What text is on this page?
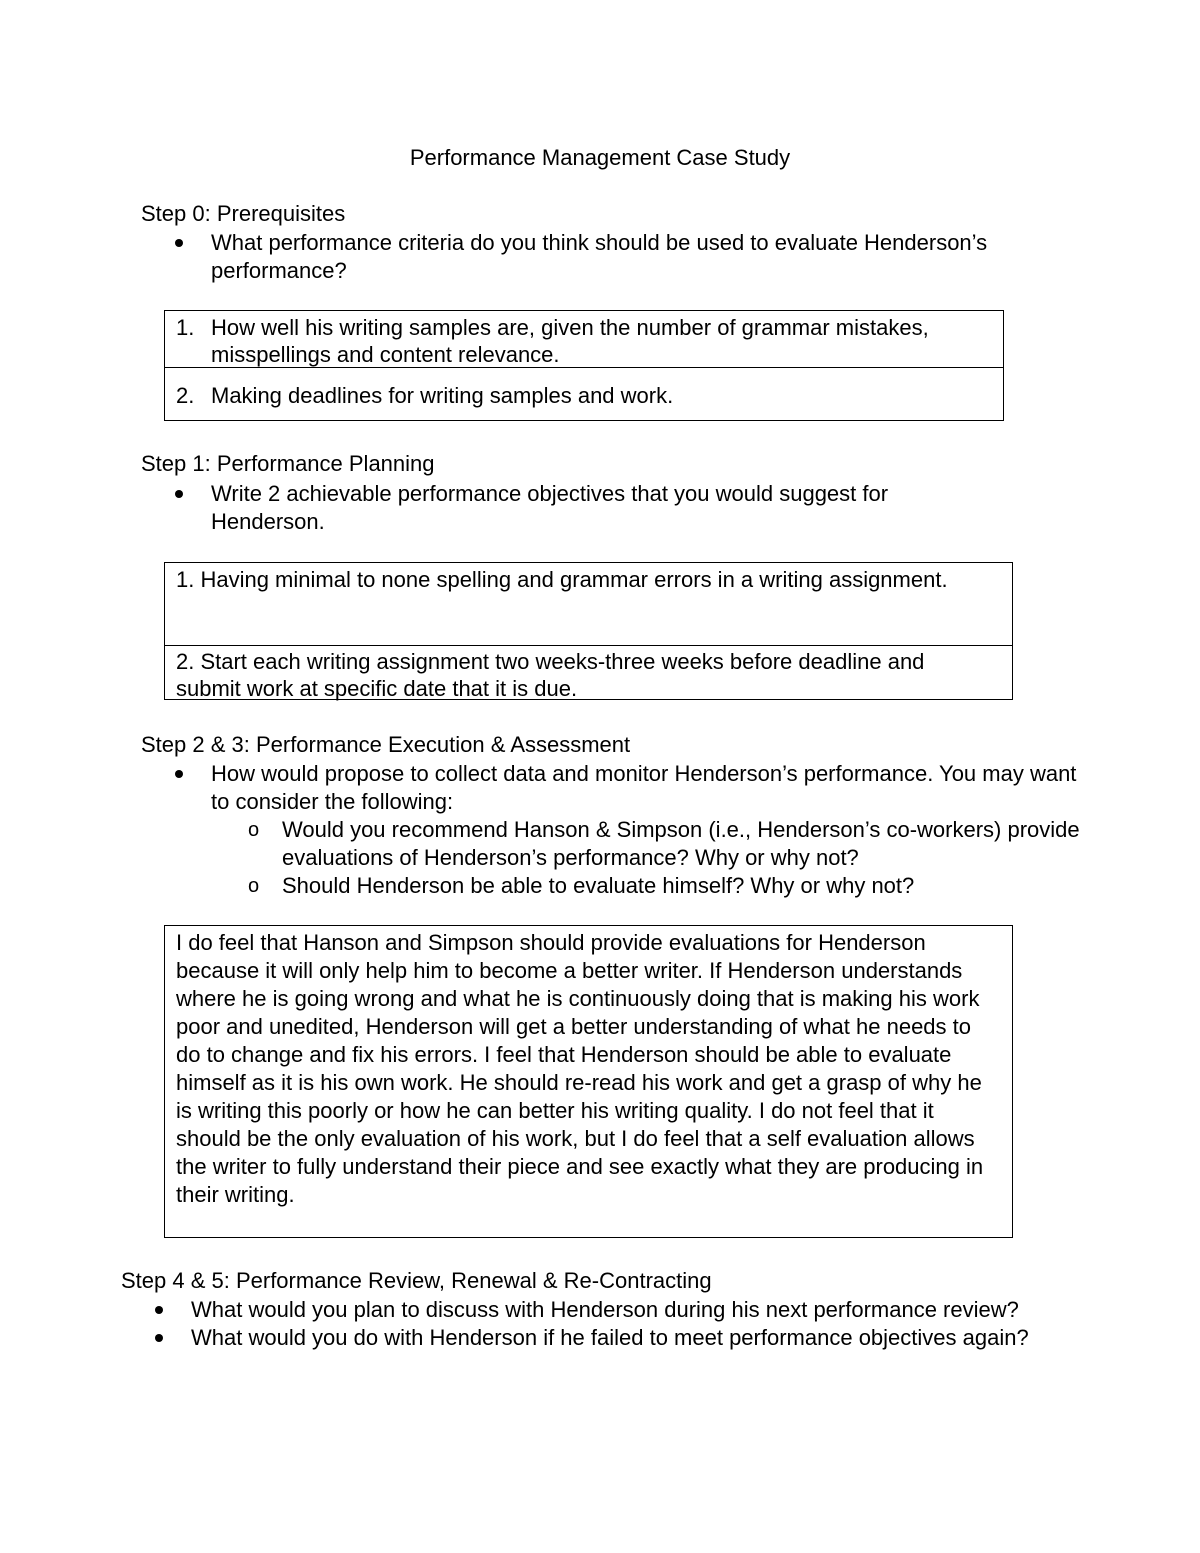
Performance Management Case Study
Step 0: Prerequisites
What performance criteria do you think should be used to evaluate Henderson’s performance?
1. How well his writing samples are, given the number of grammar mistakes, misspellings and content relevance.
2. Making deadlines for writing samples and work.
Step 1: Performance Planning
Write 2 achievable performance objectives that you would suggest for Henderson.
1. Having minimal to none spelling and grammar errors in a writing assignment.
2. Start each writing assignment two weeks-three weeks before deadline and submit work at specific date that it is due.
Step 2 & 3: Performance Execution & Assessment
How would propose to collect data and monitor Henderson’s performance. You may want to consider the following:
o Would you recommend Hanson & Simpson (i.e., Henderson’s co-workers) provide evaluations of Henderson’s performance? Why or why not?
o Should Henderson be able to evaluate himself? Why or why not?

I do feel that Hanson and Simpson should provide evaluations for Henderson because it will only help him to become a better writer. If Henderson understands where he is going wrong and what he is continuously doing that is making his work poor and unedited, Henderson will get a better understanding of what he needs to do to change and fix his errors. I feel that Henderson should be able to evaluate himself as it is his own work. He should re-read his work and get a grasp of why he is writing this poorly or how he can better his writing quality. I do not feel that it should be the only evaluation of his work, but I do feel that a self evaluation allows the writer to fully understand their piece and see exactly what they are producing in their writing.

Step 4 & 5: Performance Review, Renewal & Re-Contracting
What would you plan to discuss with Henderson during his next performance review?
What would you do with Henderson if he failed to meet performance objectives again?
